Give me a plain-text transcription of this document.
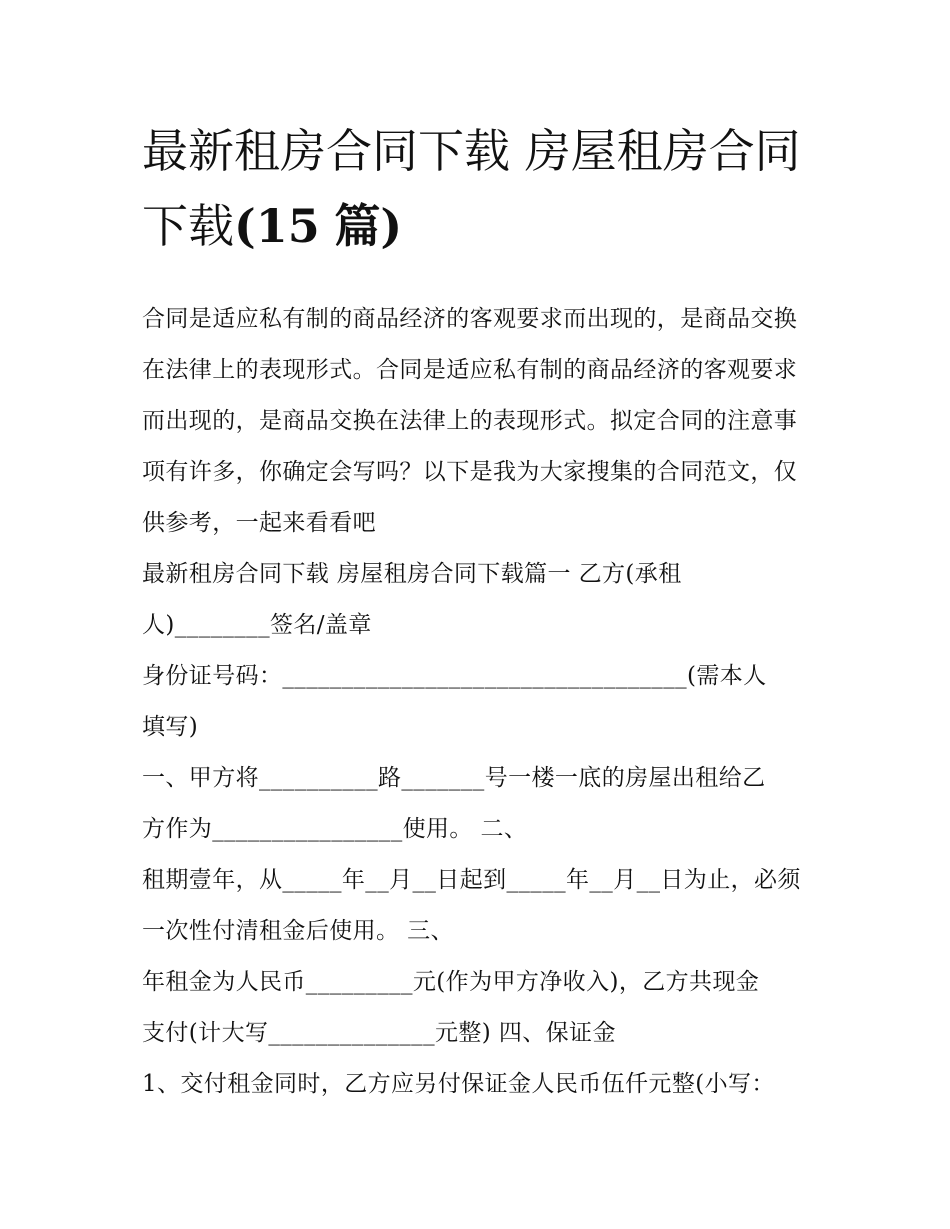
最新租房合同下载 房屋租房合同下载(15 篇)

合同是适应私有制的商品经济的客观要求而出现的，是商品交换在法律上的表现形式。合同是适应私有制的商品经济的客观要求而出现的，是商品交换在法律上的表现形式。拟定合同的注意事项有许多，你确定会写吗？以下是我为大家搜集的合同范文，仅供参考，一起来看看吧

最新租房合同下载 房屋租房合同下载篇一 乙方(承租
人)________签名/盖章

身份证号码：__________________________________(需本人
填写)

一、甲方将__________路_______号一楼一底的房屋出租给乙
方作为________________使用。 二、

租期壹年，从_____年__月__日起到_____年__月__日为止，必须一次性付清租金后使用。 三、

年租金为人民币_________元(作为甲方净收入)，乙方共现金
支付(计大写______________元整) 四、保证金

1、交付租金同时，乙方应另付保证金人民币伍仟元整(小写：
